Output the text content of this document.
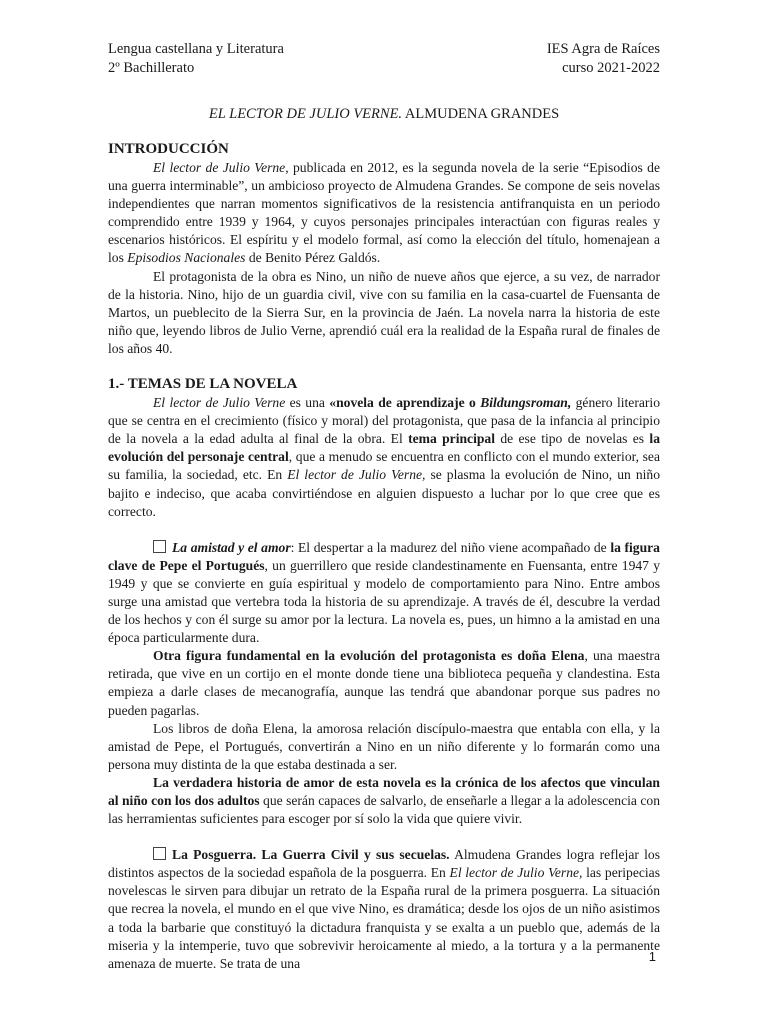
Lengua castellana y Literatura
2º Bachillerato
IES Agra de Raíces
curso 2021-2022
EL LECTOR DE JULIO VERNE. ALMUDENA GRANDES
INTRODUCCIÓN

El lector de Julio Verne, publicada en 2012, es la segunda novela de la serie “Episodios de una guerra interminable”, un ambicioso proyecto de Almudena Grandes. Se compone de seis novelas independientes que narran momentos significativos de la resistencia antifranquista en un periodo comprendido entre 1939 y 1964, y cuyos personajes principales interactúan con figuras reales y escenarios históricos. El espíritu y el modelo formal, así como la elección del título, homenajean a los Episodios Nacionales de Benito Pérez Galdós.

El protagonista de la obra es Nino, un niño de nueve años que ejerce, a su vez, de narrador de la historia. Nino, hijo de un guardia civil, vive con su familia en la casa-cuartel de Fuensanta de Martos, un pueblecito de la Sierra Sur, en la provincia de Jaén. La novela narra la historia de este niño que, leyendo libros de Julio Verne, aprendió cuál era la realidad de la España rural de finales de los años 40.

1.- TEMAS DE LA NOVELA

El lector de Julio Verne es una «novela de aprendizaje o Bildungsroman, género literario que se centra en el crecimiento (físico y moral) del protagonista, que pasa de la infancia al principio de la novela a la edad adulta al final de la obra. El tema principal de ese tipo de novelas es la evolución del personaje central, que a menudo se encuentra en conflicto con el mundo exterior, sea su familia, la sociedad, etc. En El lector de Julio Verne, se plasma la evolución de Nino, un niño bajito e indeciso, que acaba convirtiéndose en alguien dispuesto a luchar por lo que cree que es correcto.

La amistad y el amor: El despertar a la madurez del niño viene acompañado de la figura clave de Pepe el Portugués, un guerrillero que reside clandestinamente en Fuensanta, entre 1947 y 1949 y que se convierte en guía espiritual y modelo de comportamiento para Nino. Entre ambos surge una amistad que vertebra toda la historia de su aprendizaje. A través de él, descubre la verdad de los hechos y con él surge su amor por la lectura. La novela es, pues, un himno a la amistad en una época particularmente dura.

Otra figura fundamental en la evolución del protagonista es doña Elena, una maestra retirada, que vive en un cortijo en el monte donde tiene una biblioteca pequeña y clandestina. Esta empieza a darle clases de mecanografía, aunque las tendrá que abandonar porque sus padres no pueden pagarlas.

Los libros de doña Elena, la amorosa relación discípulo-maestra que entabla con ella, y la amistad de Pepe, el Portugués, convertirán a Nino en un niño diferente y lo formarán como una persona muy distinta de la que estaba destinada a ser.

La verdadera historia de amor de esta novela es la crónica de los afectos que vinculan al niño con los dos adultos que serán capaces de salvarlo, de enseñarle a llegar a la adolescencia con las herramientas suficientes para escoger por sí solo la vida que quiere vivir.

La Posguerra. La Guerra Civil y sus secuelas. Almudena Grandes logra reflejar los distintos aspectos de la sociedad española de la posguerra. En El lector de Julio Verne, las peripecias novelescas le sirven para dibujar un retrato de la España rural de la primera posguerra. La situación que recrea la novela, el mundo en el que vive Nino, es dramática; desde los ojos de un niño asistimos a toda la barbarie que constituyó la dictadura franquista y se exalta a un pueblo que, además de la miseria y la intemperie, tuvo que sobrevivir heroicamente al miedo, a la tortura y a la permanente amenaza de muerte. Se trata de una	1
